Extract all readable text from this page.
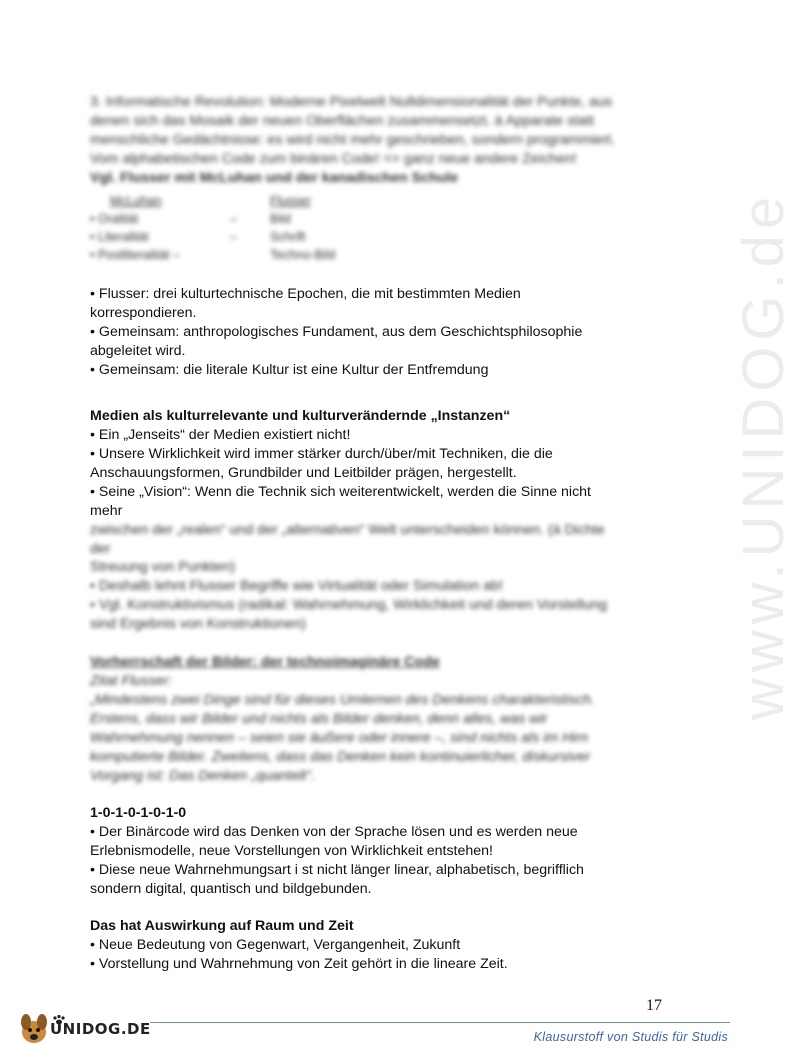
www.UNIDOG.de
3. Informatische Revolution: Moderne Pixelwelt Nulldimensionalität der Punkte, aus
denen sich das Mosaik der neuen Oberflächen zusammensetzt. à Apparate statt
menschliche Gedächtnisse: es wird nicht mehr geschrieben, sondern programmiert.
Vom alphabetischen Code zum binären Code! => ganz neue andere Zeichen!
Vgl. Flusser mit McLuhan und der kanadischen Schule
McLuhan	Flusser
• Oralität	–	Bild
• Literalität	–	Schrift
• Postliteralität –	Techno-Bild
• Flusser: drei kulturtechnische Epochen, die mit bestimmten Medien
korrespondieren.
• Gemeinsam: anthropologisches Fundament, aus dem Geschichtsphilosophie
abgeleitet wird.
• Gemeinsam: die literale Kultur ist eine Kultur der Entfremdung
Medien als kulturrelevante und kulturverändernde „Instanzen“
• Ein „Jenseits“ der Medien existiert nicht!
• Unsere Wirklichkeit wird immer stärker durch/über/mit Techniken, die die
Anschauungsformen, Grundbilder und Leitbilder prägen, hergestellt.
• Seine „Vision“: Wenn die Technik sich weiterentwickelt, werden die Sinne nicht
mehr
zwischen der „realen“ und der „alternativen“ Welt unterscheiden können. (à Dichte
der
Streuung von Punkten)
• Deshalb lehnt Flusser Begriffe wie Virtualität oder Simulation ab!
• Vgl. Konstruktivismus (radikal: Wahrnehmung, Wirklichkeit und deren Vorstellung
sind Ergebnis von Konstruktionen)
Vorherrschaft der Bilder: der technoimaginäre Code
Zitat Flusser:
„Mindestens zwei Dinge sind für dieses Umlernen des Denkens charakteristisch.
Erstens, dass wir Bilder und nichts als Bilder denken, denn alles, was wir
Wahrnehmung nennen – seien sie äußere oder innere –, sind nichts als im Hirn
komputierte Bilder. Zweitens, dass das Denken kein kontinuierlicher, diskursiver
Vorgang ist: Das Denken „quantelt“.
1-0-1-0-1-0-1-0
• Der Binärcode wird das Denken von der Sprache lösen und es werden neue
Erlebnismodelle, neue Vorstellungen von Wirklichkeit entstehen!
• Diese neue Wahrnehmungsart i st nicht länger linear, alphabetisch, begrifflich
sondern digital, quantisch und bildgebunden.
Das hat Auswirkung auf Raum und Zeit
• Neue Bedeutung von Gegenwart, Vergangenheit, Zukunft
• Vorstellung und Wahrnehmung von Zeit gehört in die lineare Zeit.
17
UNIDOG.DE	Klausurstoff von Studis für Studis
